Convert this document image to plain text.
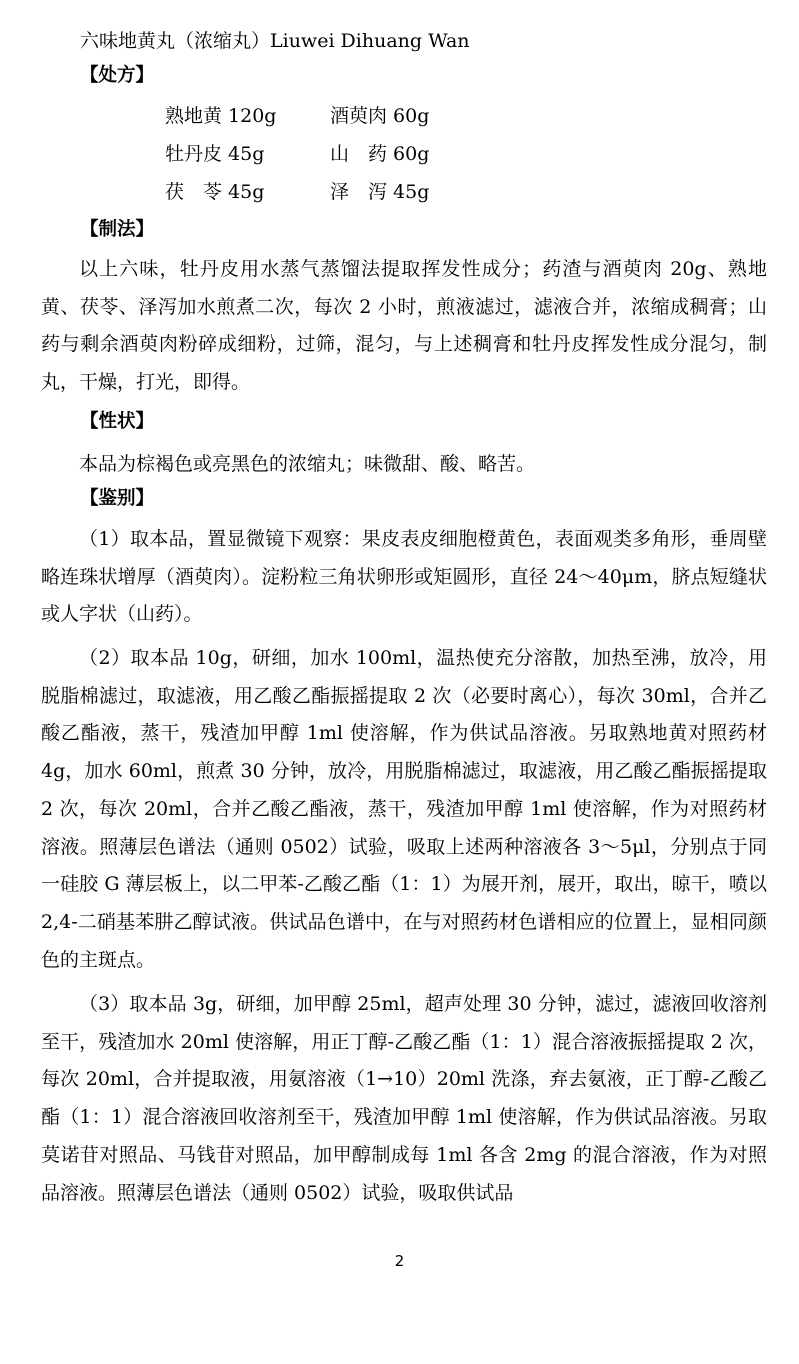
六味地黄丸（浓缩丸）Liuwei Dihuang Wan
【处方】
熟地黄 120g	酒萸肉 60g
牡丹皮 45g	山　药 60g
茯　苓 45g	泽　泻 45g
【制法】

以上六味，牡丹皮用水蒸气蒸馏法提取挥发性成分；药渣与酒萸肉 20g、熟地黄、茯苓、泽泻加水煎煮二次，每次 2 小时，煎液滤过，滤液合并，浓缩成稠膏；山药与剩余酒萸肉粉碎成细粉，过筛，混匀，与上述稠膏和牡丹皮挥发性成分混匀，制丸，干燥，打光，即得。

【性状】

本品为棕褐色或亮黑色的浓缩丸；味微甜、酸、略苦。

【鉴别】

（1）取本品，置显微镜下观察：果皮表皮细胞橙黄色，表面观类多角形，垂周壁略连珠状增厚（酒萸肉）。淀粉粒三角状卵形或矩圆形，直径 24～40μm，脐点短缝状或人字状（山药）。

（2）取本品 10g，研细，加水 100ml，温热使充分溶散，加热至沸，放冷，用脱脂棉滤过，取滤液，用乙酸乙酯振摇提取 2 次（必要时离心），每次 30ml，合并乙酸乙酯液，蒸干，残渣加甲醇 1ml 使溶解，作为供试品溶液。另取熟地黄对照药材 4g，加水 60ml，煎煮 30 分钟，放冷，用脱脂棉滤过，取滤液，用乙酸乙酯振摇提取 2 次，每次 20ml，合并乙酸乙酯液，蒸干，残渣加甲醇 1ml 使溶解，作为对照药材溶液。照薄层色谱法（通则 0502）试验，吸取上述两种溶液各 3～5μl，分别点于同一硅胶 G 薄层板上，以二甲苯-乙酸乙酯（1：1）为展开剂，展开，取出，晾干，喷以 2,4-二硝基苯肼乙醇试液。供试品色谱中，在与对照药材色谱相应的位置上，显相同颜色的主斑点。

（3）取本品 3g，研细，加甲醇 25ml，超声处理 30 分钟，滤过，滤液回收溶剂至干，残渣加水 20ml 使溶解，用正丁醇-乙酸乙酯（1：1）混合溶液振摇提取 2 次，每次 20ml，合并提取液，用氨溶液（1→10）20ml 洗涤，弃去氨液，正丁醇-乙酸乙酯（1：1）混合溶液回收溶剂至干，残渣加甲醇 1ml 使溶解，作为供试品溶液。另取莫诺苷对照品、马钱苷对照品，加甲醇制成每 1ml 各含 2mg 的混合溶液，作为对照品溶液。照薄层色谱法（通则 0502）试验，吸取供试品

2
